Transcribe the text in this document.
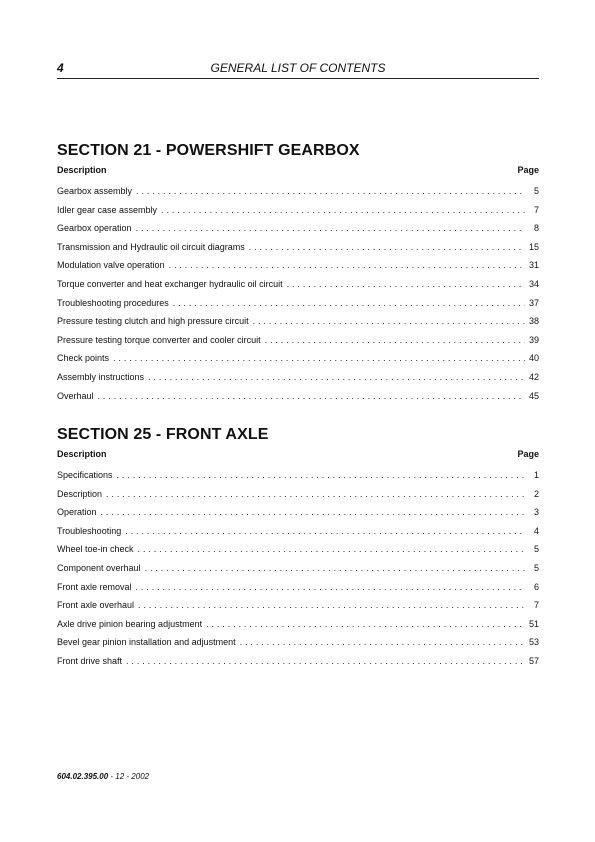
4	GENERAL LIST OF CONTENTS
SECTION 21 - POWERSHIFT GEARBOX
Description	Page
Gearbox assembly . . .	5
Idler gear case assembly . . .	7
Gearbox operation . . .	8
Transmission and Hydraulic oil circuit diagrams . . .	15
Modulation valve operation . . .	31
Torque converter and heat exchanger hydraulic oil circuit . . .	34
Troubleshooting procedures . . .	37
Pressure testing clutch and high pressure circuit . . .	38
Pressure testing torque converter and cooler circuit . . .	39
Check points . . .	40
Assembly instructions . . .	42
Overhaul . . .	45
SECTION 25 - FRONT AXLE
Description	Page
Specifications . . .	1
Description . . .	2
Operation . . .	3
Troubleshooting . . .	4
Wheel toe-in check . . .	5
Component overhaul . . .	5
Front axle removal . . .	6
Front axle overhaul . . .	7
Axle drive pinion bearing adjustment . . .	51
Bevel gear pinion installation and adjustment . . .	53
Front drive shaft . . .	57
604.02.395.00 - 12 - 2002
